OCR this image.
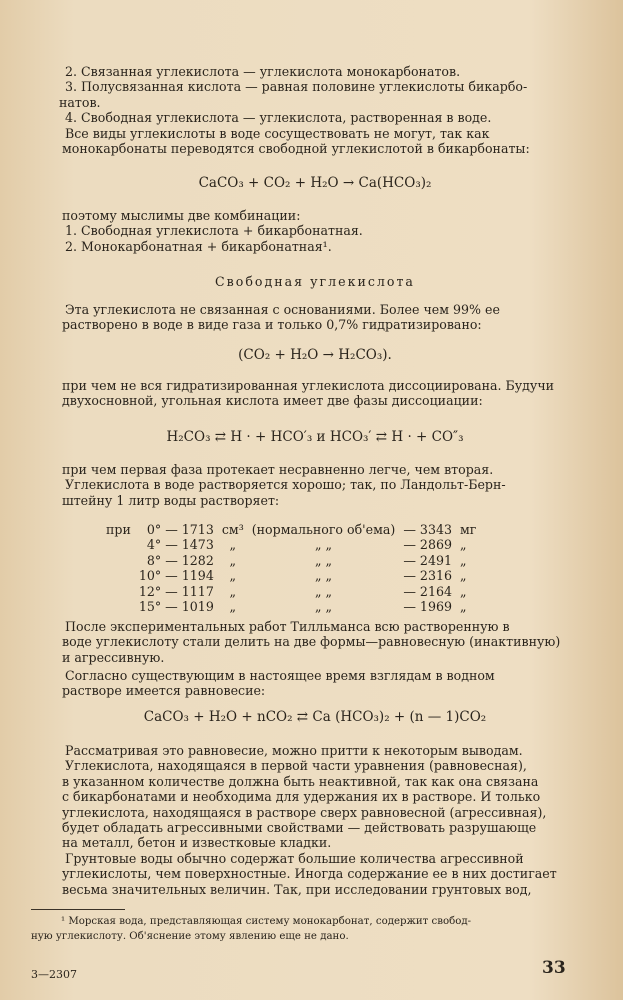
2. Связанная углекислота — углекислота монокарбонатов.
3. Полусвязанная кислота — равная половине углекислоты бикарбо-
натов.
4. Свободная углекислота — углекислота, растворенная в воде.
Все виды углекислоты в воде сосуществовать не могут, так как
монокарбонаты переводятся свободной углекислотой в бикарбонаты:
CaCO₃ + CO₂ + H₂O → Ca(HCO₃)₂
поэтому мыслимы две комбинации:
1. Свободная углекислота + бикарбонатная.
2. Монокарбонатная + бикарбонатная¹.
Свободная углекислота
Эта углекислота не связанная с основаниями. Более чем 99% ее
растворено в воде в виде газа и только 0,7% гидратизировано:
(CO₂ + H₂O → H₂CO₃).
при чем не вся гидратизированная углекислота диссоциирована. Будучи
двухосновной, угольная кислота имеет две фазы диссоциации:
H₂CO₃ ⇄ H · + HCO′₃ и HCO₃′ ⇄ H · + CO″₃
при чем первая фаза протекает несравненно легче, чем вторая.
Углекислота в воде растворяется хорошо; так, по Ландольт-Берн-
штейну 1 литр воды растворяет:
при	0° — 1713	см³	(нормального об'ема)	— 3343	мг
	4° — 1473	„	„ „	— 2869	„
	8° — 1282	„	„ „	— 2491	„
	10° — 1194	„	„ „	— 2316	„
	12° — 1117	„	„ „	— 2164	„
	15° — 1019	„	„ „	— 1969	„
После экспериментальных работ Тилльманса всю растворенную в
воде углекислоту стали делить на две формы—равновесную (инактивную)
и агрессивную.
Согласно существующим в настоящее время взглядам в водном
растворе имеется равновесие:
CaCO₃ + H₂O + nCO₂ ⇄ Ca (HCO₃)₂ + (n — 1)CO₂
Рассматривая это равновесие, можно притти к некоторым выводам.
Углекислота, находящаяся в первой части уравнения (равновесная),
в указанном количестве должна быть неактивной, так как она связана
с бикарбонатами и необходима для удержания их в растворе. И только
углекислота, находящаяся в растворе сверх равновесной (агрессивная),
будет обладать агрессивными свойствами — действовать разрушающе
на металл, бетон и известковые кладки.
Грунтовые воды обычно содержат большие количества агрессивной
углекислоты, чем поверхностные. Иногда содержание ее в них достигает
весьма значительных величин. Так, при исследовании грунтовых вод,
¹ Морская вода, представляющая систему монокарбонат, содержит свобод-
ную углекислоту. Об'яснение этому явлению еще не дано.
3—2307	33
